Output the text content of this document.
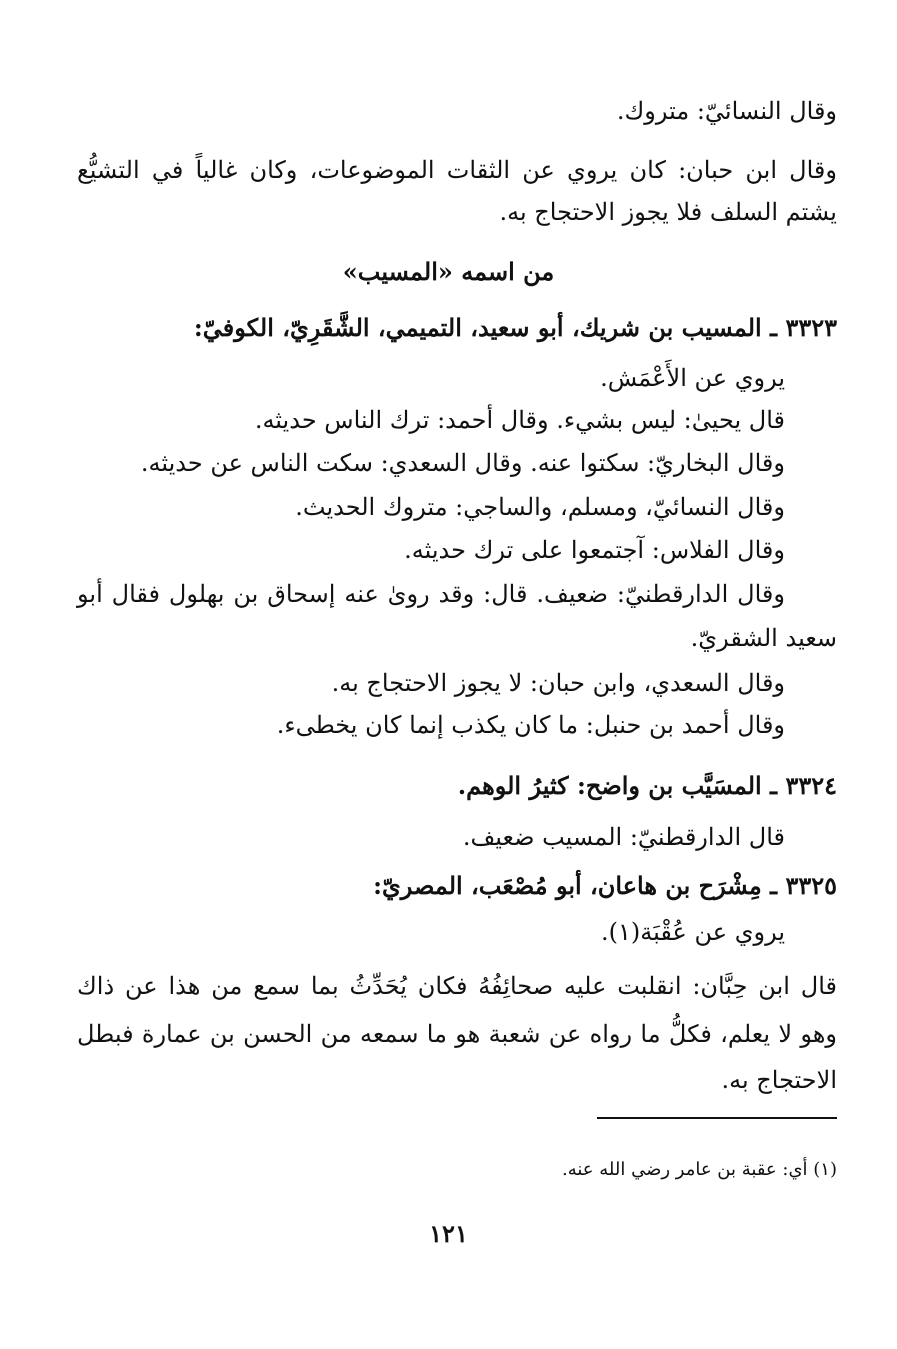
وقال النسائيّ: متروك.
وقال ابن حبان: كان يروي عن الثقات الموضوعات، وكان غالياً في التشيُّع
يشتم السلف فلا يجوز الاحتجاج به.
من اسمه «المسيب»
٣٣٢٣ ـ المسيب بن شريك، أبو سعيد، التميمي، الشَّقَرِيّ، الكوفيّ:
يروي عن الأَعْمَش.
قال يحيىٰ: ليس بشيء. وقال أحمد: ترك الناس حديثه.
وقال البخاريّ: سكتوا عنه. وقال السعدي: سكت الناس عن حديثه.
وقال النسائيّ، ومسلم، والساجي: متروك الحديث.
وقال الفلاس: آجتمعوا على ترك حديثه.
وقال الدارقطنيّ: ضعيف. قال: وقد روىٰ عنه إسحاق بن بهلول فقال أبو
سعيد الشقريّ.
وقال السعدي، وابن حبان: لا يجوز الاحتجاج به.
وقال أحمد بن حنبل: ما كان يكذب إنما كان يخطىء.
٣٣٢٤ ـ المسَيَّب بن واضح: كثيرُ الوهم.
قال الدارقطنيّ: المسيب ضعيف.
٣٣٢٥ ـ مِشْرَح بن هاعان، أبو مُصْعَب، المصريّ:
يروي عن عُقْبَة(١).
قال ابن حِبَّان: انقلبت عليه صحائِفُهُ فكان يُحَدِّثُ بما سمع من هذا عن ذاك
وهو لا يعلم، فكلُّ ما رواه عن شعبة هو ما سمعه من الحسن بن عمارة فبطل
الاحتجاج به.
(١) أي: عقبة بن عامر رضي الله عنه.
١٢١
